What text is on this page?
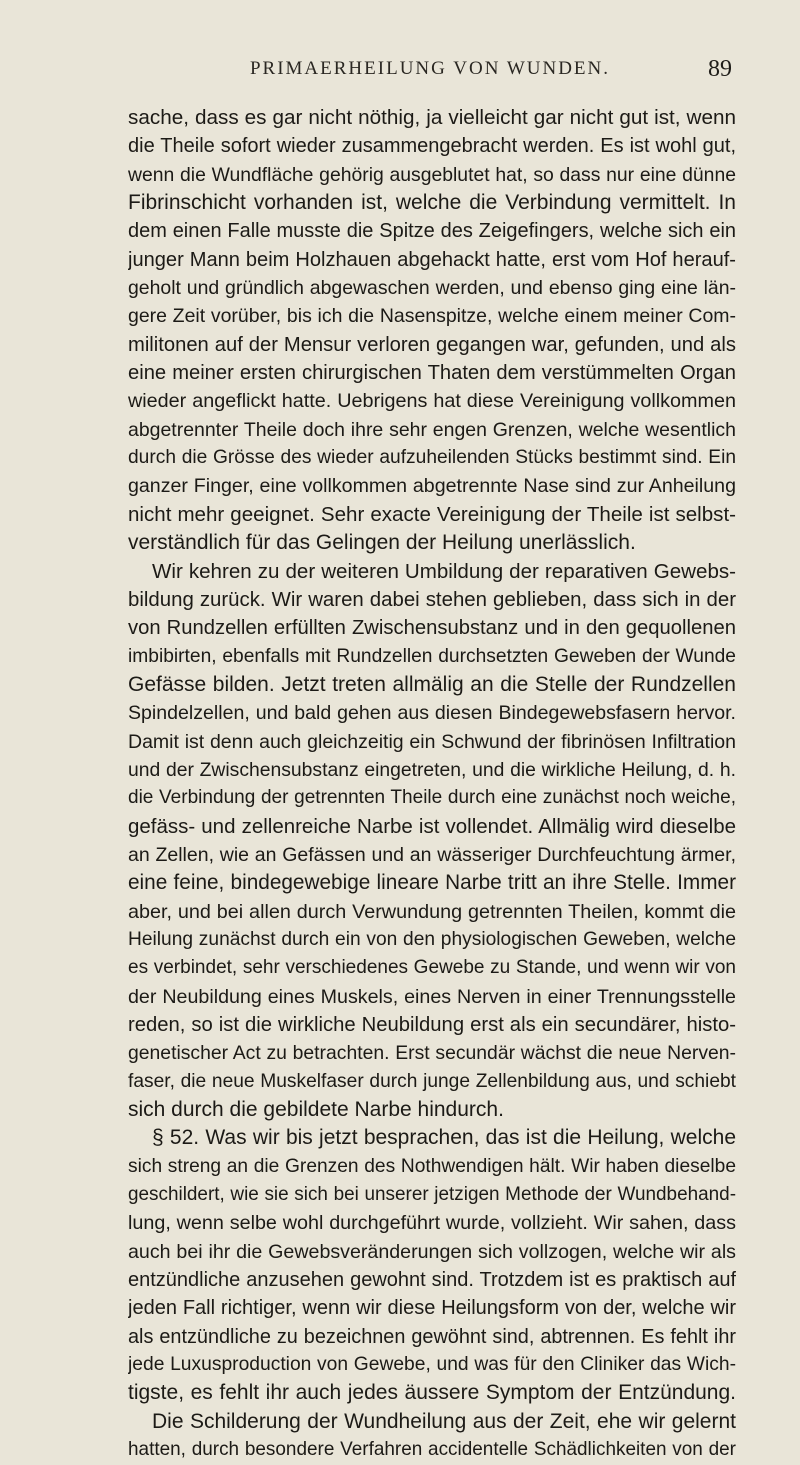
PRIMAERHEILUNG VON WUNDEN.	89
sache, dass es gar nicht nöthig, ja vielleicht gar nicht gut ist, wenn
die Theile sofort wieder zusammengebracht werden. Es ist wohl gut,
wenn die Wundfläche gehörig ausgeblutet hat, so dass nur eine dünne
Fibrinschicht vorhanden ist, welche die Verbindung vermittelt. In
dem einen Falle musste die Spitze des Zeigefingers, welche sich ein
junger Mann beim Holzhauen abgehackt hatte, erst vom Hof herauf-
geholt und gründlich abgewaschen werden, und ebenso ging eine län-
gere Zeit vorüber, bis ich die Nasenspitze, welche einem meiner Com-
militonen auf der Mensur verloren gegangen war, gefunden, und als
eine meiner ersten chirurgischen Thaten dem verstümmelten Organ
wieder angeflickt hatte. Uebrigens hat diese Vereinigung vollkommen
abgetrennter Theile doch ihre sehr engen Grenzen, welche wesentlich
durch die Grösse des wieder aufzuheilenden Stücks bestimmt sind. Ein
ganzer Finger, eine vollkommen abgetrennte Nase sind zur Anheilung
nicht mehr geeignet. Sehr exacte Vereinigung der Theile ist selbst-
verständlich für das Gelingen der Heilung unerlässlich.
Wir kehren zu der weiteren Umbildung der reparativen Gewebs-
bildung zurück. Wir waren dabei stehen geblieben, dass sich in der
von Rundzellen erfüllten Zwischensubstanz und in den gequollenen
imbibirten, ebenfalls mit Rundzellen durchsetzten Geweben der Wunde
Gefässe bilden. Jetzt treten allmälig an die Stelle der Rundzellen
Spindelzellen, und bald gehen aus diesen Bindegewebsfasern hervor.
Damit ist denn auch gleichzeitig ein Schwund der fibrinösen Infiltration
und der Zwischensubstanz eingetreten, und die wirkliche Heilung, d. h.
die Verbindung der getrennten Theile durch eine zunächst noch weiche,
gefäss- und zellenreiche Narbe ist vollendet. Allmälig wird dieselbe
an Zellen, wie an Gefässen und an wässeriger Durchfeuchtung ärmer,
eine feine, bindegewebige lineare Narbe tritt an ihre Stelle. Immer
aber, und bei allen durch Verwundung getrennten Theilen, kommt die
Heilung zunächst durch ein von den physiologischen Geweben, welche
es verbindet, sehr verschiedenes Gewebe zu Stande, und wenn wir von
der Neubildung eines Muskels, eines Nerven in einer Trennungsstelle
reden, so ist die wirkliche Neubildung erst als ein secundärer, histo-
genetischer Act zu betrachten. Erst secundär wächst die neue Nerven-
faser, die neue Muskelfaser durch junge Zellenbildung aus, und schiebt
sich durch die gebildete Narbe hindurch.
§ 52. Was wir bis jetzt besprachen, das ist die Heilung, welche
sich streng an die Grenzen des Nothwendigen hält. Wir haben dieselbe
geschildert, wie sie sich bei unserer jetzigen Methode der Wundbehand-
lung, wenn selbe wohl durchgeführt wurde, vollzieht. Wir sahen, dass
auch bei ihr die Gewebsveränderungen sich vollzogen, welche wir als
entzündliche anzusehen gewohnt sind. Trotzdem ist es praktisch auf
jeden Fall richtiger, wenn wir diese Heilungsform von der, welche wir
als entzündliche zu bezeichnen gewöhnt sind, abtrennen. Es fehlt ihr
jede Luxusproduction von Gewebe, und was für den Cliniker das Wich-
tigste, es fehlt ihr auch jedes äussere Symptom der Entzündung.
Die Schilderung der Wundheilung aus der Zeit, ehe wir gelernt
hatten, durch besondere Verfahren accidentelle Schädlichkeiten von der
